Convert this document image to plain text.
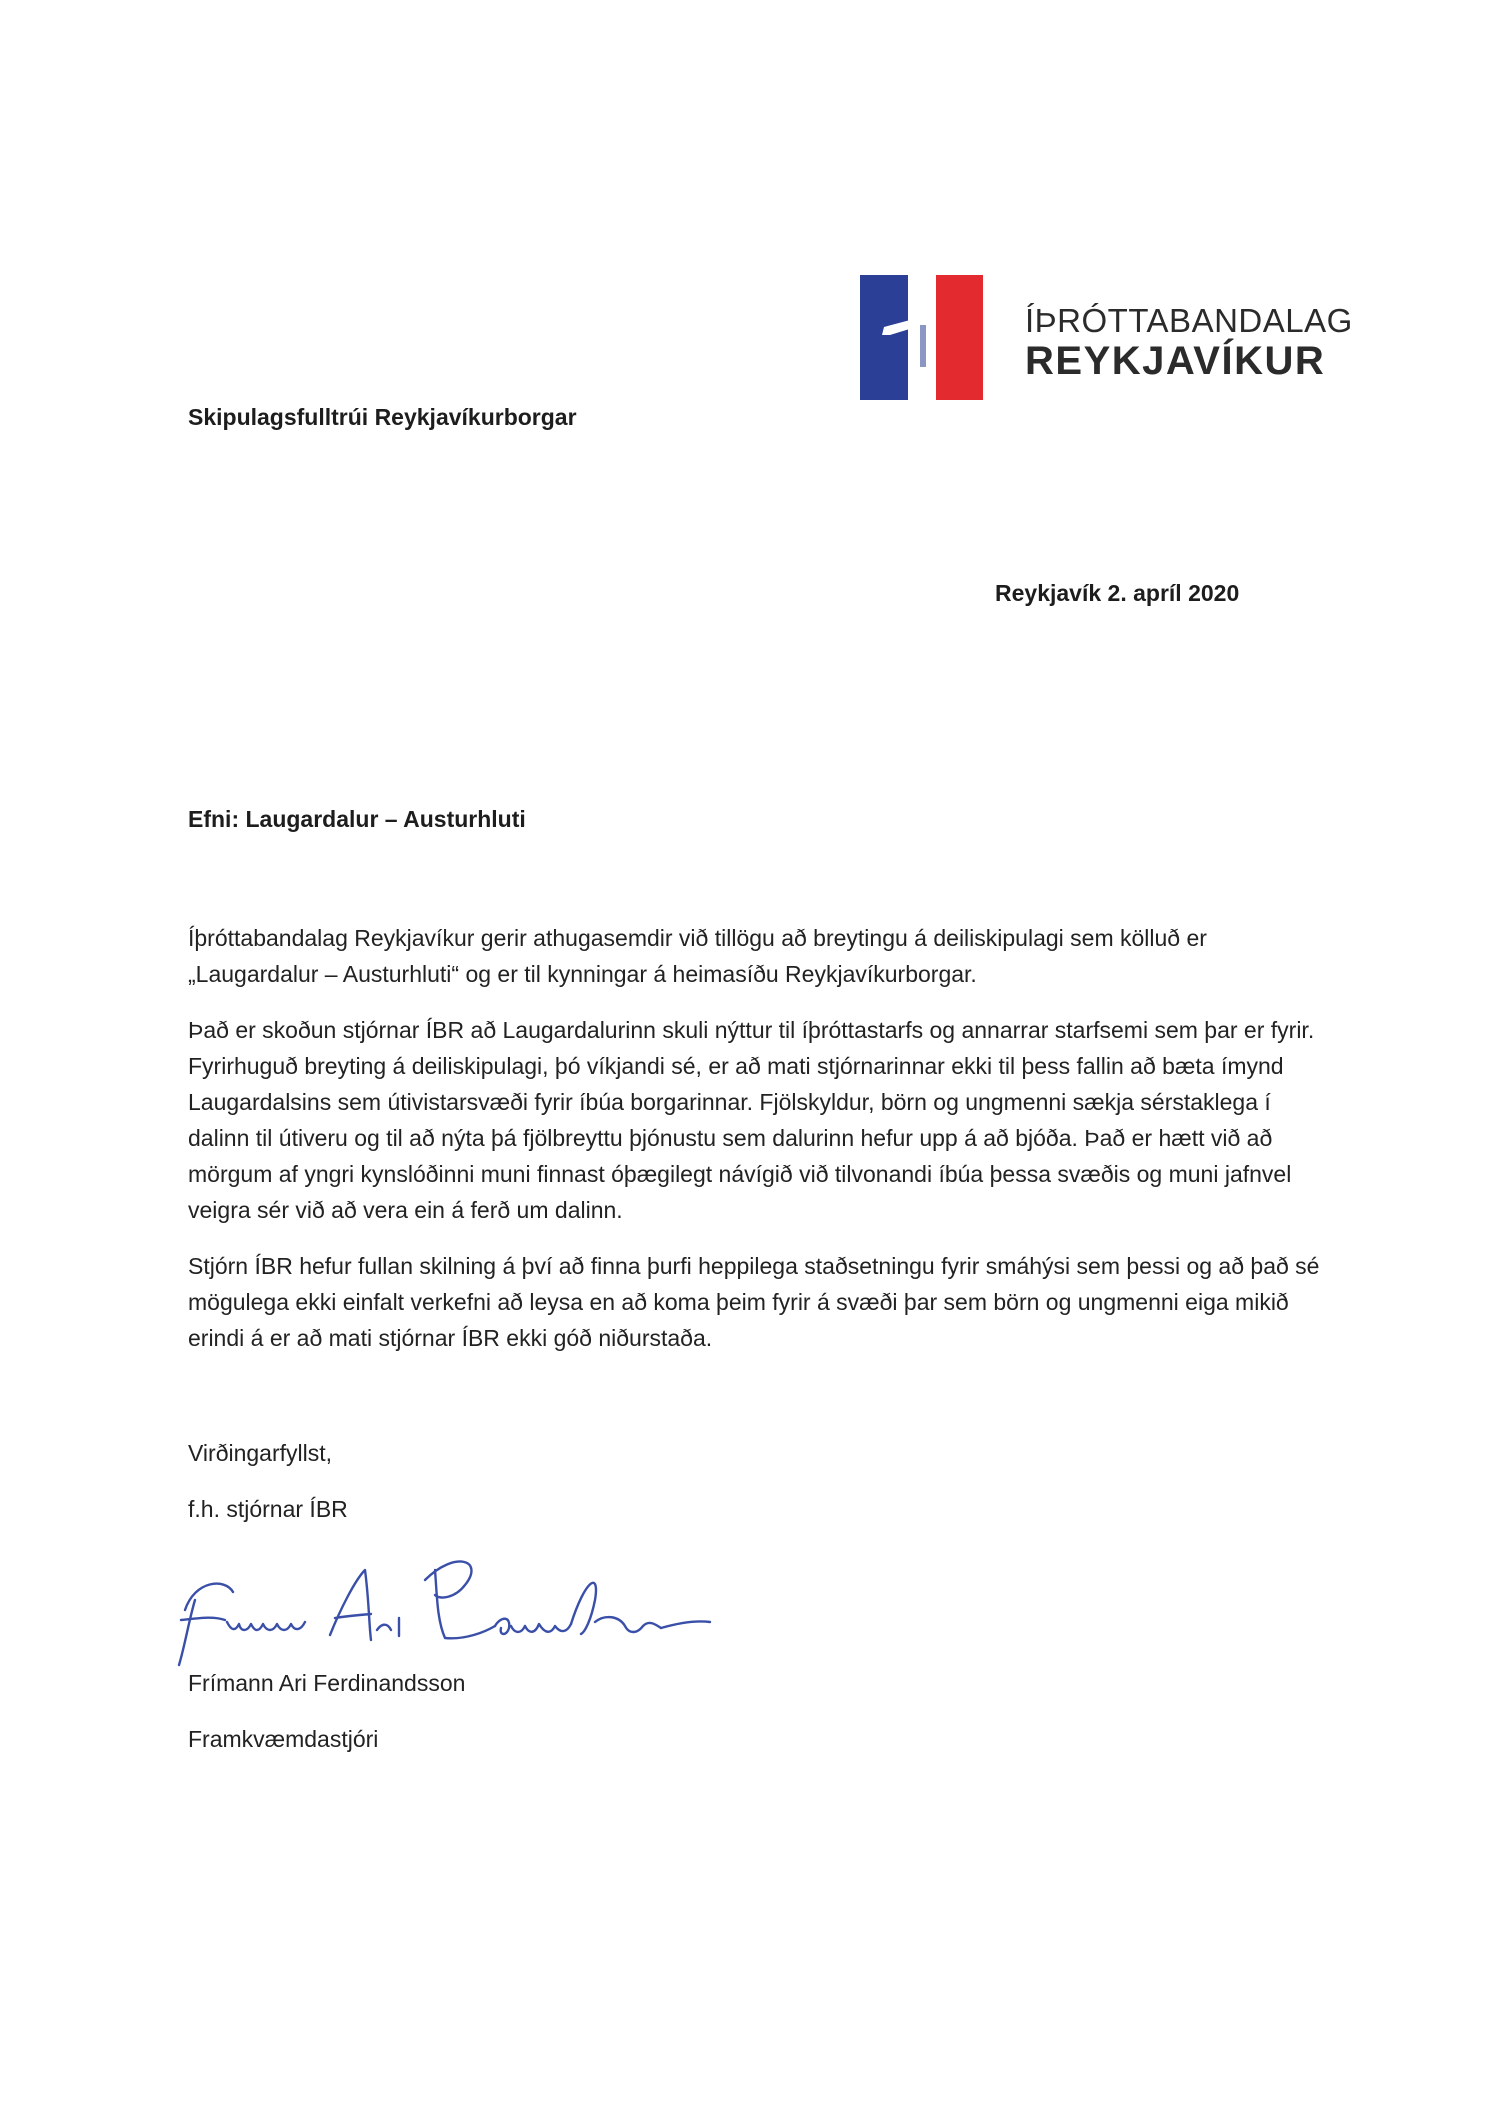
ÍÞRÓTTABANDALAG
REYKJAVÍKUR
Skipulagsfulltrúi Reykjavíkurborgar
Reykjavík 2. apríl 2020
Efni: Laugardalur – Austurhluti

Íþróttabandalag Reykjavíkur gerir athugasemdir við tillögu að breytingu á deiliskipulagi sem kölluð er „Laugardalur – Austurhluti“ og er til kynningar á heimasíðu Reykjavíkurborgar.

Það er skoðun stjórnar ÍBR að Laugardalurinn skuli nýttur til íþróttastarfs og annarrar starfsemi sem þar er fyrir. Fyrirhuguð breyting á deiliskipulagi, þó víkjandi sé, er að mati stjórnarinnar ekki til þess fallin að bæta ímynd Laugardalsins sem útivistarsvæði fyrir íbúa borgarinnar. Fjölskyldur, börn og ungmenni sækja sérstaklega í dalinn til útiveru og til að nýta þá fjölbreyttu þjónustu sem dalurinn hefur upp á að bjóða. Það er hætt við að mörgum af yngri kynslóðinni muni finnast óþægilegt návígið við tilvonandi íbúa þessa svæðis og muni jafnvel veigra sér við að vera ein á ferð um dalinn.

Stjórn ÍBR hefur fullan skilning á því að finna þurfi heppilega staðsetningu fyrir smáhýsi sem þessi og að það sé mögulega ekki einfalt verkefni að leysa en að koma þeim fyrir á svæði þar sem börn og ungmenni eiga mikið erindi á er að mati stjórnar ÍBR ekki góð niðurstaða.

Virðingarfyllst,
f.h. stjórnar ÍBR
Frímann Ari Ferdinandsson
Framkvæmdastjóri
